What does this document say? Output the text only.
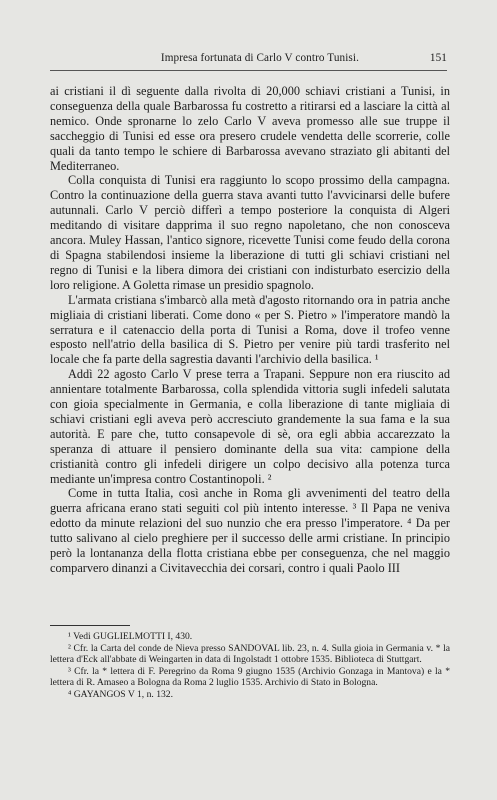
Impresa fortunata di Carlo V contro Tunisi.	151

ai cristiani il dì seguente dalla rivolta di 20,000 schiavi cristiani a Tunisi, in conseguenza della quale Barbarossa fu costretto a ritirarsi ed a lasciare la città al nemico. Onde spronarne lo zelo Carlo V aveva promesso alle sue truppe il saccheggio di Tunisi ed esse ora presero crudele vendetta delle scorrerie, colle quali da tanto tempo le schiere di Barbarossa avevano straziato gli abitanti del Mediterraneo.

Colla conquista di Tunisi era raggiunto lo scopo prossimo della campagna. Contro la continuazione della guerra stava avanti tutto l'avvicinarsi delle bufere autunnali. Carlo V perciò differì a tempo posteriore la conquista di Algeri meditando di visitare dapprima il suo regno napoletano, che non conosceva ancora. Muley Hassan, l'antico signore, ricevette Tunisi come feudo della corona di Spagna stabilendosi insieme la liberazione di tutti gli schiavi cristiani nel regno di Tunisi e la libera dimora dei cristiani con indisturbato esercizio della loro religione. A Goletta rimase un presidio spagnolo.

L'armata cristiana s'imbarcò alla metà d'agosto ritornando ora in patria anche migliaia di cristiani liberati. Come dono « per S. Pietro » l'imperatore mandò la serratura e il catenaccio della porta di Tunisi a Roma, dove il trofeo venne esposto nell'atrio della basilica di S. Pietro per venire più tardi trasferito nel locale che fa parte della sagrestia davanti l'archivio della basilica. ¹

Addì 22 agosto Carlo V prese terra a Trapani. Seppure non era riuscito ad annientare totalmente Barbarossa, colla splendida vittoria sugli infedeli salutata con gioia specialmente in Germania, e colla liberazione di tante migliaia di schiavi cristiani egli aveva però accresciuto grandemente la sua fama e la sua autorità. E pare che, tutto consapevole di sè, ora egli abbia accarezzato la speranza di attuare il pensiero dominante della sua vita: campione della cristianità contro gli infedeli dirigere un colpo decisivo alla potenza turca mediante un'impresa contro Costantinopoli. ²

Come in tutta Italia, così anche in Roma gli avvenimenti del teatro della guerra africana erano stati seguiti col più intento interesse. ³ Il Papa ne veniva edotto da minute relazioni del suo nunzio che era presso l'imperatore. ⁴ Da per tutto salivano al cielo preghiere per il successo delle armi cristiane. In principio però la lontananza della flotta cristiana ebbe per conseguenza, che nel maggio comparvero dinanzi a Civitavecchia dei corsari, contro i quali Paolo III

¹ Vedi GUGLIELMOTTI I, 430.
² Cfr. la Carta del conde de Nieva presso SANDOVAL lib. 23, n. 4. Sulla gioia in Germania v. * la lettera d'Eck all'abbate di Weingarten in data di Ingolstadt 1 ottobre 1535. Biblioteca di Stuttgart.
³ Cfr. la * lettera di F. Peregrino da Roma 9 giugno 1535 (Archivio Gonzaga in Mantova) e la * lettera di R. Amaseo a Bologna da Roma 2 luglio 1535. Archivio di Stato in Bologna.
⁴ GAYANGOS V 1, n. 132.
